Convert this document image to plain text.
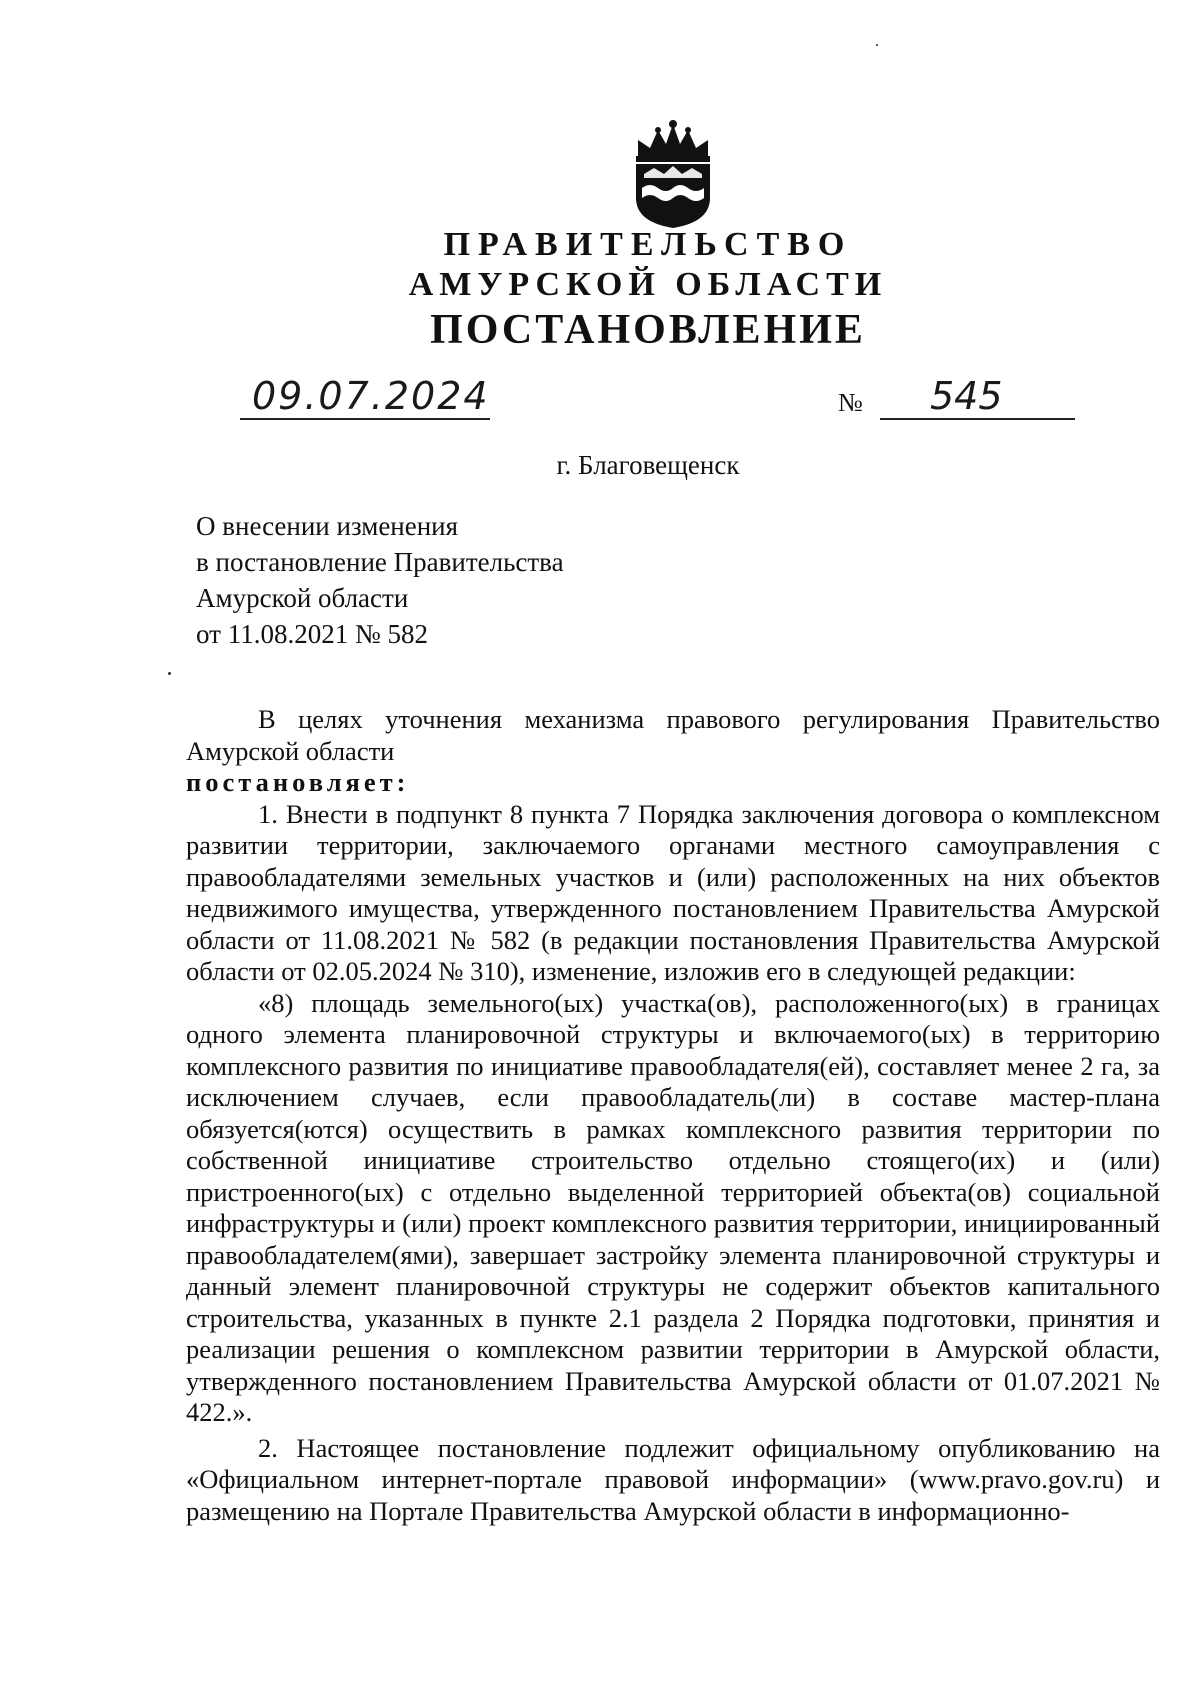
ПРАВИТЕЛЬСТВО
АМУРСКОЙ ОБЛАСТИ
ПОСТАНОВЛЕНИЕ
09.07.2024	№ 545
г. Благовещенск
О внесении изменения
в постановление Правительства
Амурской области
от 11.08.2021 № 582

В целях уточнения механизма правового регулирования Правительство Амурской области

постановляет:

1. Внести в подпункт 8 пункта 7 Порядка заключения договора о комплексном развитии территории, заключаемого органами местного самоуправления с правообладателями земельных участков и (или) расположенных на них объектов недвижимого имущества, утвержденного постановлением Правительства Амурской области от 11.08.2021 № 582 (в редакции постановления Правительства Амурской области от 02.05.2024 № 310), изменение, изложив его в следующей редакции:

«8) площадь земельного(ых) участка(ов), расположенного(ых) в границах одного элемента планировочной структуры и включаемого(ых) в территорию комплексного развития по инициативе правообладателя(ей), составляет менее 2 га, за исключением случаев, если правообладатель(ли) в составе мастер-плана обязуется(ются) осуществить в рамках комплексного развития территории по собственной инициативе строительство отдельно стоящего(их) и (или) пристроенного(ых) с отдельно выделенной территорией объекта(ов) социальной инфраструктуры и (или) проект комплексного развития территории, инициированный правообладателем(ями), завершает застройку элемента планировочной структуры и данный элемент планировочной структуры не содержит объектов капитального строительства, указанных в пункте 2.1 раздела 2 Порядка подготовки, принятия и реализации решения о комплексном развитии территории в Амурской области, утвержденного постановлением Правительства Амурской области от 01.07.2021 № 422.».

2. Настоящее постановление подлежит официальному опубликованию на «Официальном интернет-портале правовой информации» (www.pravo.gov.ru) и размещению на Портале Правительства Амурской области в информационно-
